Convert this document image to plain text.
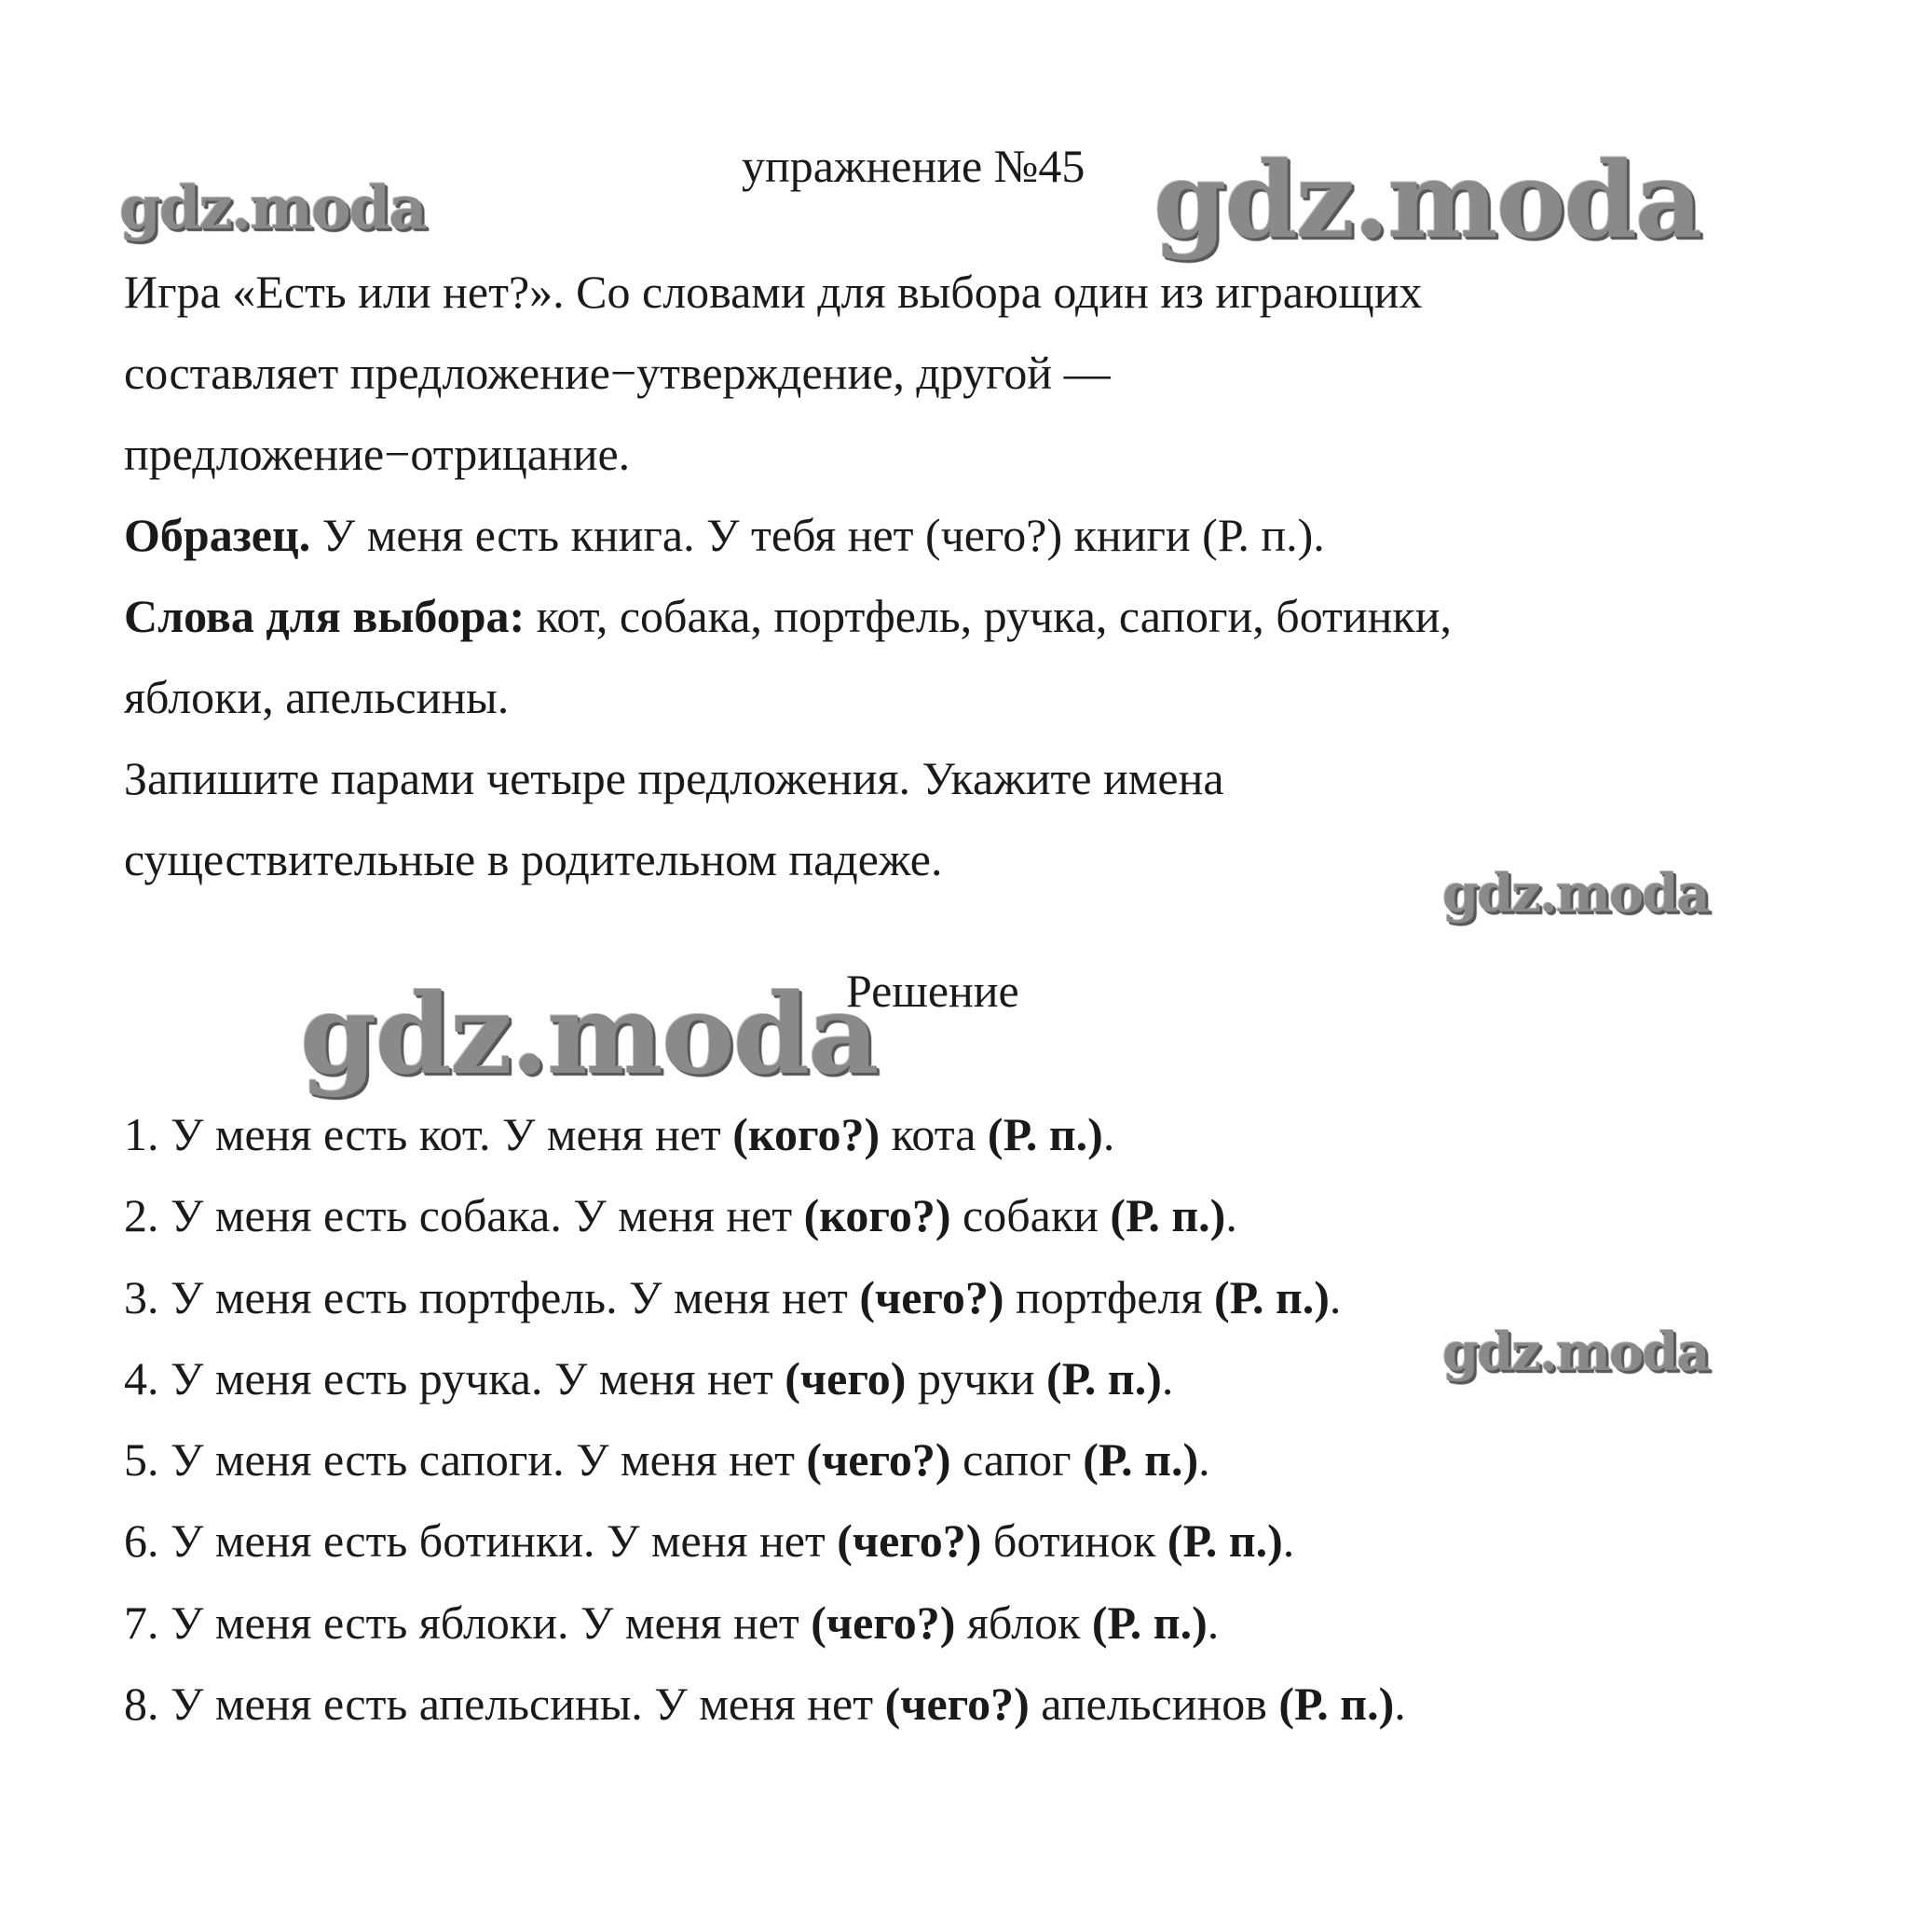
упражнение №45

Игра «Есть или нет?». Со словами для выбора один из играющих

составляет предложение−утверждение, другой —

предложение−отрицание.

Образец. У меня есть книга. У тебя нет (чего?) книги (Р. п.).

Слова для выбора: кот, собака, портфель, ручка, сапоги, ботинки,

яблоки, апельсины.

Запишите парами четыре предложения. Укажите имена

существительные в родительном падеже.

Решение
1. У меня есть кот. У меня нет (кого?) кота (Р. п.).
2. У меня есть собака. У меня нет (кого?) собаки (Р. п.).
3. У меня есть портфель. У меня нет (чего?) портфеля (Р. п.).
4. У меня есть ручка. У меня нет (чего) ручки (Р. п.).
5. У меня есть сапоги. У меня нет (чего?) сапог (Р. п.).
6. У меня есть ботинки. У меня нет (чего?) ботинок (Р. п.).
7. У меня есть яблоки. У меня нет (чего?) яблок (Р. п.).
8. У меня есть апельсины. У меня нет (чего?) апельсинов (Р. п.).
gdz.moda	gdz.moda
gdz.moda
gdz.moda
gdz.moda
